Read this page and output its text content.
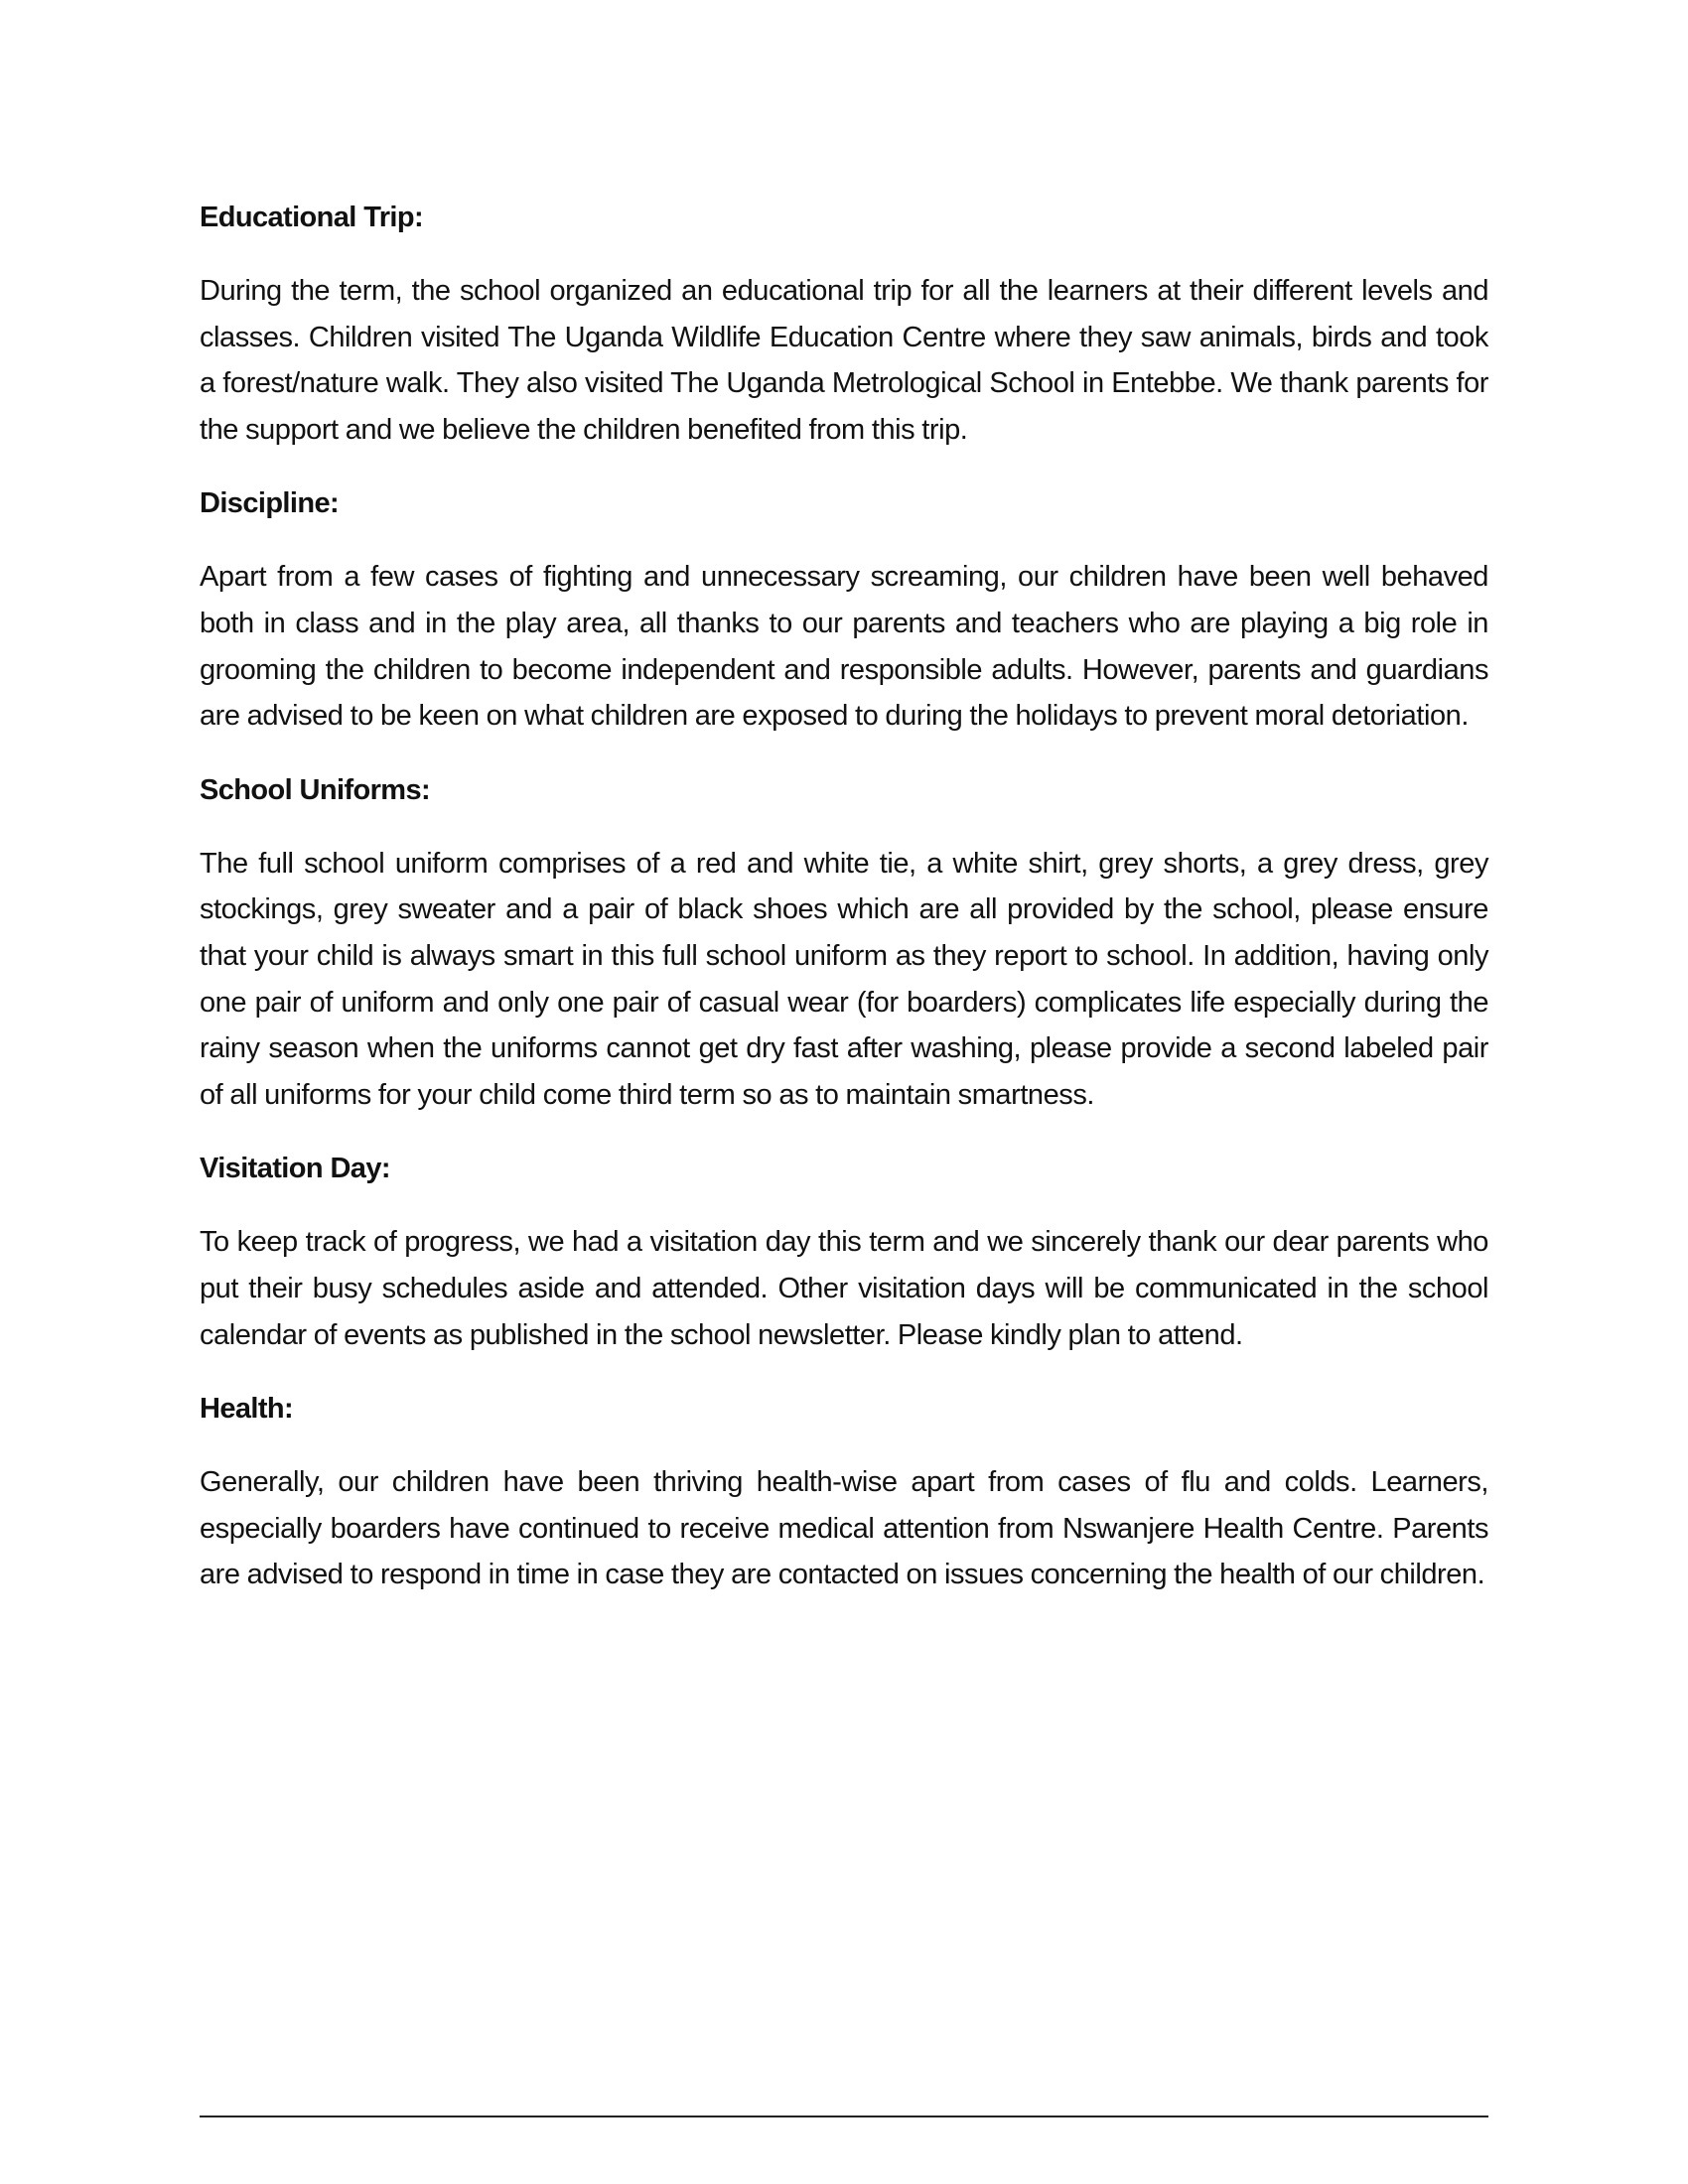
Educational Trip:

During the term, the school organized an educational trip for all the learners at their different levels and classes. Children visited The Uganda Wildlife Education Centre where they saw animals, birds and took a forest/nature walk. They also visited The Uganda Metrological School in Entebbe. We thank parents for the support and we believe the children benefited from this trip.

Discipline:

Apart from a few cases of fighting and unnecessary screaming, our children have been well behaved both in class and in the play area, all thanks to our parents and teachers who are playing a big role in grooming the children to become independent and responsible adults. However, parents and guardians are advised to be keen on what children are exposed to during the holidays to prevent moral detoriation.

School Uniforms:

The full school uniform comprises of a red and white tie, a white shirt, grey shorts, a grey dress, grey stockings, grey sweater and a pair of black shoes which are all provided by the school, please ensure that your child is always smart in this full school uniform as they report to school. In addition, having only one pair of uniform and only one pair of casual wear (for boarders) complicates life especially during the rainy season when the uniforms cannot get dry fast after washing, please provide a second labeled pair of all uniforms for your child come third term so as to maintain smartness.

Visitation Day:

To keep track of progress, we had a visitation day this term and we sincerely thank our dear parents who put their busy schedules aside and attended. Other visitation days will be communicated in the school calendar of events as published in the school newsletter. Please kindly plan to attend.

Health:

Generally, our children have been thriving health-wise apart from cases of flu and colds. Learners, especially boarders have continued to receive medical attention from Nswanjere Health Centre. Parents are advised to respond in time in case they are contacted on issues concerning the health of our children.
